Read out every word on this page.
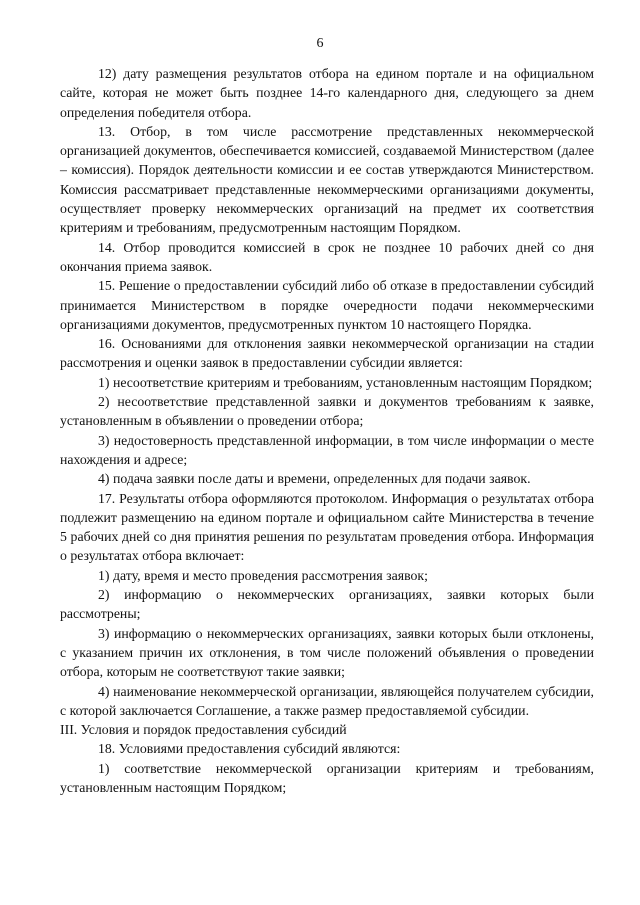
6

12) дату размещения результатов отбора на едином портале и на официальном сайте, которая не может быть позднее 14-го календарного дня, следующего за днем определения победителя отбора.

13. Отбор, в том числе рассмотрение представленных некоммерческой организацией документов, обеспечивается комиссией, создаваемой Министерством (далее – комиссия). Порядок деятельности комиссии и ее состав утверждаются Министерством. Комиссия рассматривает представленные некоммерческими организациями документы, осуществляет проверку некоммерческих организаций на предмет их соответствия критериям и требованиям, предусмотренным настоящим Порядком.

14. Отбор проводится комиссией в срок не позднее 10 рабочих дней со дня окончания приема заявок.

15. Решение о предоставлении субсидий либо об отказе в предоставлении субсидий принимается Министерством в порядке очередности подачи некоммерческими организациями документов, предусмотренных пунктом 10 настоящего Порядка.

16. Основаниями для отклонения заявки некоммерческой организации на стадии рассмотрения и оценки заявок в предоставлении субсидии является:

1) несоответствие критериям и требованиям, установленным настоящим Порядком;

2) несоответствие представленной заявки и документов требованиям к заявке, установленным в объявлении о проведении отбора;

3) недостоверность представленной информации, в том числе информации о месте нахождения и адресе;

4) подача заявки после даты и времени, определенных для подачи заявок.

17. Результаты отбора оформляются протоколом. Информация о результатах отбора подлежит размещению на едином портале и официальном сайте Министерства в течение 5 рабочих дней со дня принятия решения по результатам проведения отбора. Информация о результатах отбора включает:

1) дату, время и место проведения рассмотрения заявок;

2) информацию о некоммерческих организациях, заявки которых были рассмотрены;

3) информацию о некоммерческих организациях, заявки которых были отклонены, с указанием причин их отклонения, в том числе положений объявления о проведении отбора, которым не соответствуют такие заявки;

4) наименование некоммерческой организации, являющейся получателем субсидии, с которой заключается Соглашение, а также размер предоставляемой субсидии.

III. Условия и порядок предоставления субсидий

18. Условиями предоставления субсидий являются:

1) соответствие некоммерческой организации критериям и требованиям, установленным настоящим Порядком;
